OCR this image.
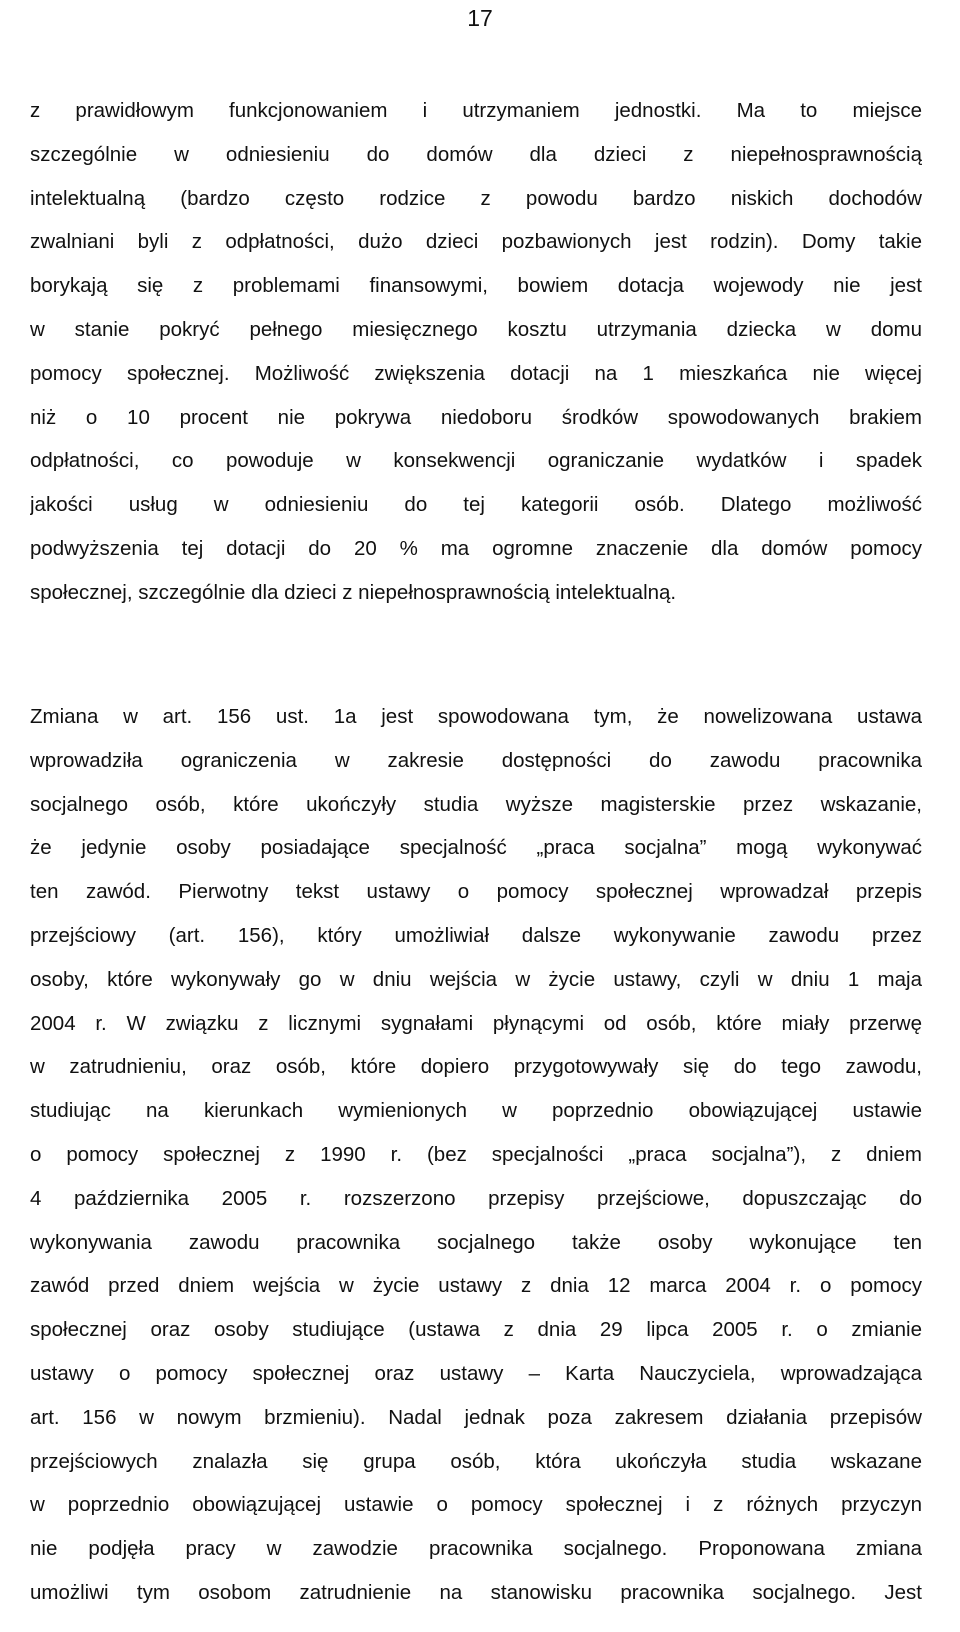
17
z prawidłowym funkcjonowaniem i utrzymaniem jednostki. Ma to miejsce
szczególnie w odniesieniu do domów dla dzieci z niepełnosprawnością
intelektualną (bardzo często rodzice z powodu bardzo niskich dochodów
zwalniani byli z odpłatności, dużo dzieci pozbawionych jest rodzin). Domy takie
borykają się z problemami finansowymi, bowiem dotacja wojewody nie jest
w stanie pokryć pełnego miesięcznego kosztu utrzymania dziecka w domu
pomocy społecznej. Możliwość zwiększenia dotacji na 1 mieszkańca nie więcej
niż o 10 procent nie pokrywa niedoboru środków spowodowanych brakiem
odpłatności, co powoduje w konsekwencji ograniczanie wydatków i spadek
jakości usług w odniesieniu do tej kategorii osób. Dlatego możliwość
podwyższenia tej dotacji do 20 % ma ogromne znaczenie dla domów pomocy
społecznej, szczególnie dla dzieci z niepełnosprawnością intelektualną.
Zmiana w art. 156 ust. 1a jest spowodowana tym, że nowelizowana ustawa
wprowadziła ograniczenia w zakresie dostępności do zawodu pracownika
socjalnego osób, które ukończyły studia wyższe magisterskie przez wskazanie,
że jedynie osoby posiadające specjalność „praca socjalna” mogą wykonywać
ten zawód. Pierwotny tekst ustawy o pomocy społecznej wprowadzał przepis
przejściowy (art. 156), który umożliwiał dalsze wykonywanie zawodu przez
osoby, które wykonywały go w dniu wejścia w życie ustawy, czyli w dniu 1 maja
2004 r. W związku z licznymi sygnałami płynącymi od osób, które miały przerwę
w zatrudnieniu, oraz osób, które dopiero przygotowywały się do tego zawodu,
studiując na kierunkach wymienionych w poprzednio obowiązującej ustawie
o pomocy społecznej z 1990 r. (bez specjalności „praca socjalna”), z dniem
4 października 2005 r. rozszerzono przepisy przejściowe, dopuszczając do
wykonywania zawodu pracownika socjalnego także osoby wykonujące ten
zawód przed dniem wejścia w życie ustawy z dnia 12 marca 2004 r. o pomocy
społecznej oraz osoby studiujące (ustawa z dnia 29 lipca 2005 r. o zmianie
ustawy o pomocy społecznej oraz ustawy – Karta Nauczyciela, wprowadzająca
art. 156 w nowym brzmieniu). Nadal jednak poza zakresem działania przepisów
przejściowych znalazła się grupa osób, która ukończyła studia wskazane
w poprzednio obowiązującej ustawie o pomocy społecznej i z różnych przyczyn
nie podjęła pracy w zawodzie pracownika socjalnego. Proponowana zmiana
umożliwi tym osobom zatrudnienie na stanowisku pracownika socjalnego. Jest
